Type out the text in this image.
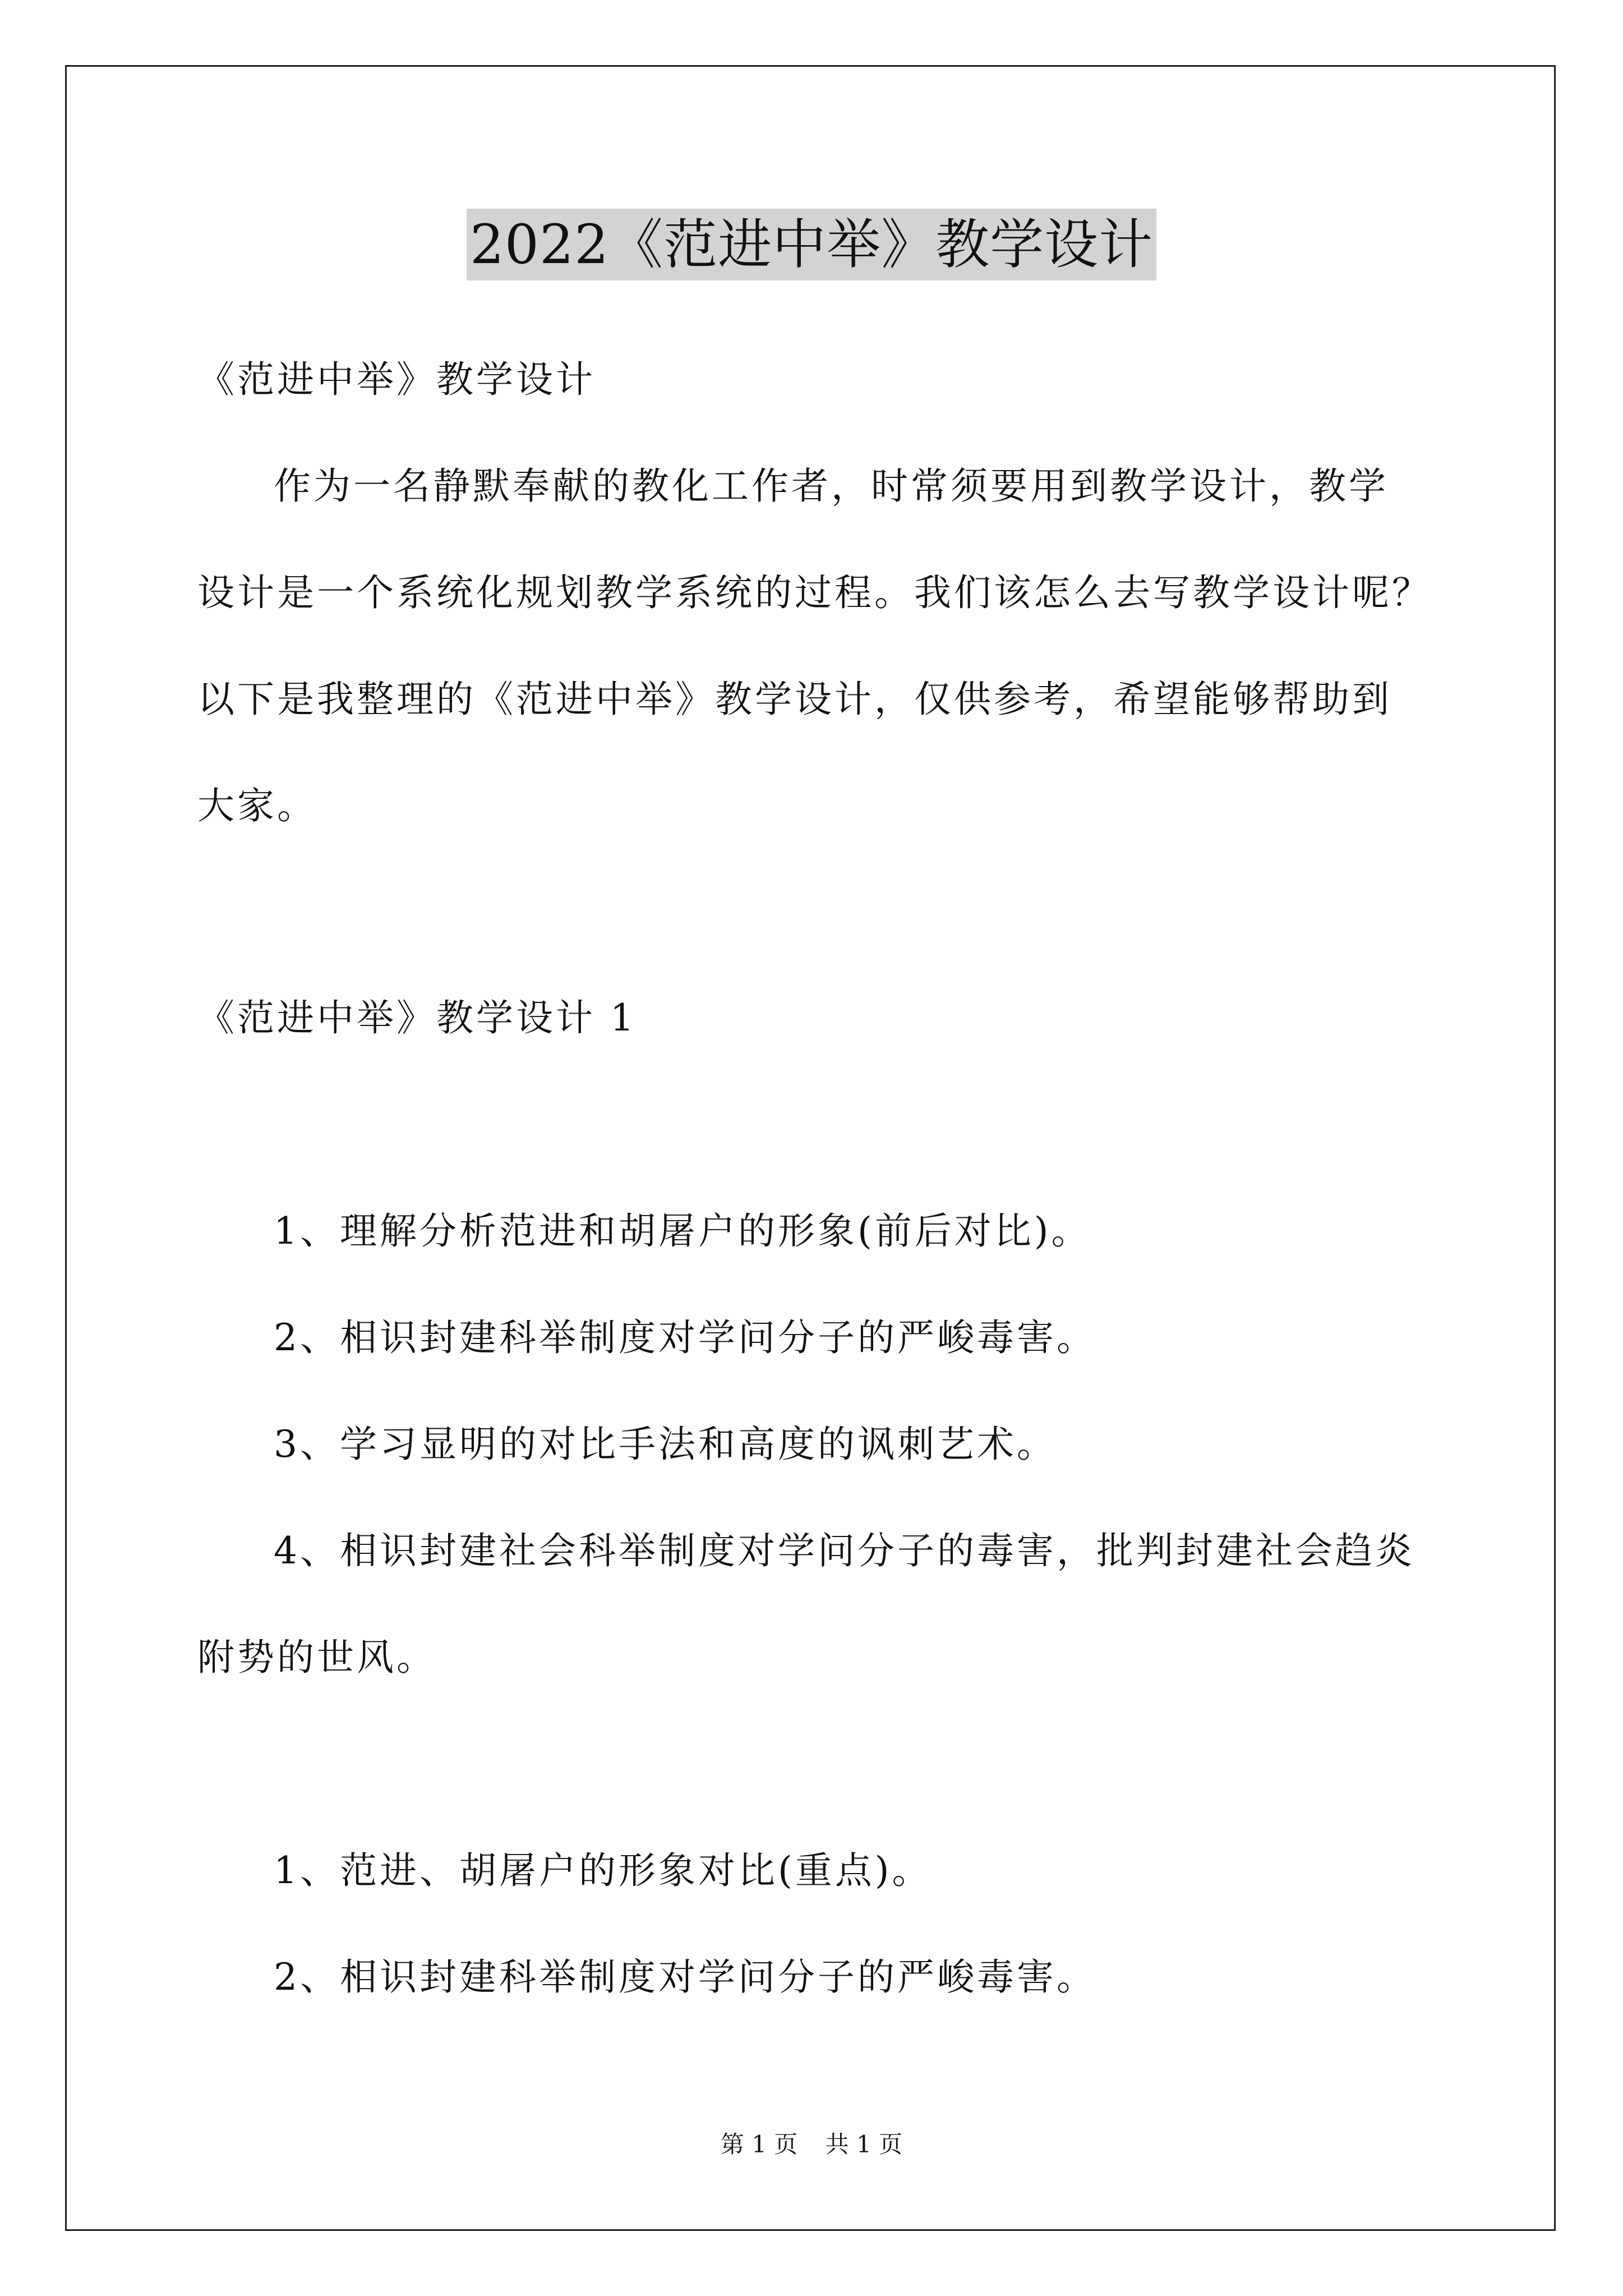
2022《范进中举》教学设计
《范进中举》教学设计
作为一名静默奉献的教化工作者，时常须要用到教学设计，教学
设计是一个系统化规划教学系统的过程。我们该怎么去写教学设计呢？
以下是我整理的《范进中举》教学设计，仅供参考，希望能够帮助到
大家。
《范进中举》教学设计 1
1、理解分析范进和胡屠户的形象(前后对比)。
2、相识封建科举制度对学问分子的严峻毒害。
3、学习显明的对比手法和高度的讽刺艺术。
4、相识封建社会科举制度对学问分子的毒害，批判封建社会趋炎
附势的世风。
1、范进、胡屠户的形象对比(重点)。
2、相识封建科举制度对学问分子的严峻毒害。
第 1 页 共 1 页
